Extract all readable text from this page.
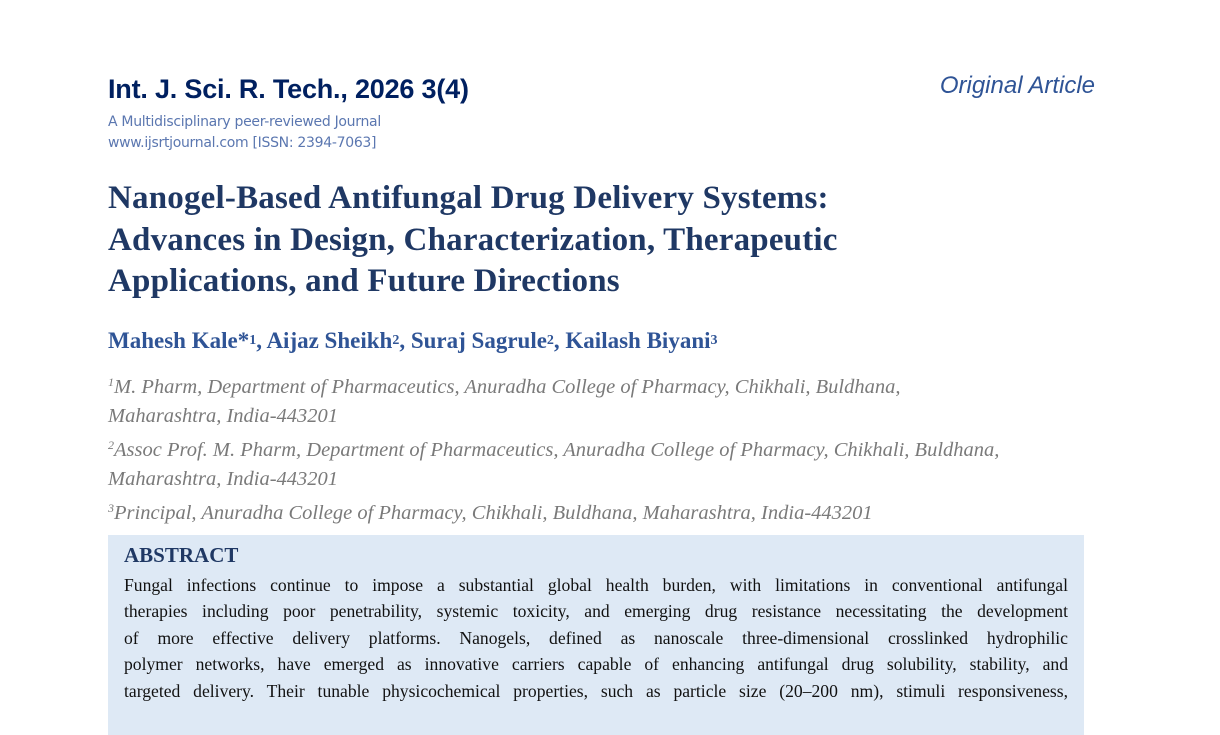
Int. J. Sci. R. Tech., 2026 3(4)
A Multidisciplinary peer-reviewed Journal
www.ijsrtjournal.com [ISSN: 2394-7063]
Original Article
Nanogel-Based Antifungal Drug Delivery Systems:
Advances in Design, Characterization, Therapeutic
Applications, and Future Directions
Mahesh Kale*$^1$, Aijaz Sheikh$^2$, Suraj Sagrule$^2$, Kailash Biyani$^3$
$^1$M. Pharm, Department of Pharmaceutics, Anuradha College of Pharmacy, Chikhali, Buldhana,
Maharashtra, India-443201
$^2$Assoc Prof. M. Pharm, Department of Pharmaceutics, Anuradha College of Pharmacy, Chikhali, Buldhana,
Maharashtra, India-443201
$^3$Principal, Anuradha College of Pharmacy, Chikhali, Buldhana, Maharashtra, India-443201
ABSTRACT
Fungal infections continue to impose a substantial global health burden, with limitations in conventional antifungal
therapies including poor penetrability, systemic toxicity, and emerging drug resistance necessitating the development
of more effective delivery platforms. Nanogels, defined as nanoscale three-dimensional crosslinked hydrophilic
polymer networks, have emerged as innovative carriers capable of enhancing antifungal drug solubility, stability, and
targeted delivery. Their tunable physicochemical properties, such as particle size (20–200 nm), stimuli responsiveness,
